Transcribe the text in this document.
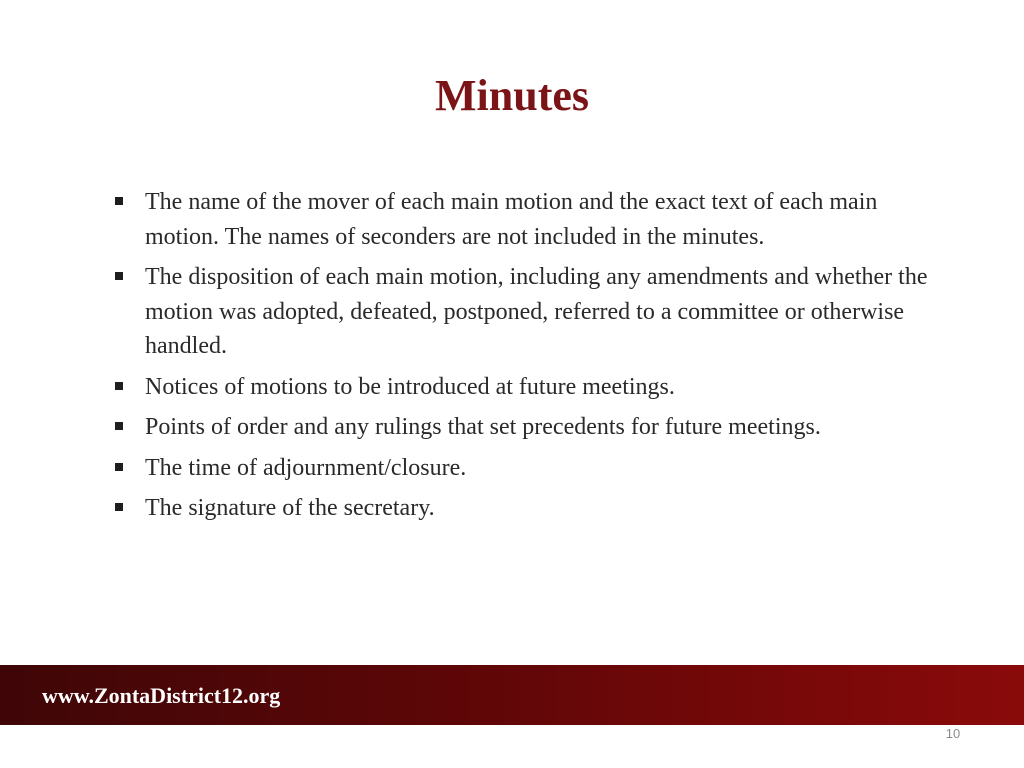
Minutes
The name of the mover of each main motion and the exact text of each main motion. The names of seconders are not included in the minutes.
The disposition of each main motion, including any amendments and whether the motion was adopted, defeated, postponed, referred to a committee or otherwise handled.
Notices of motions to be introduced at future meetings.
Points of order and any rulings that set precedents for future meetings.
The time of adjournment/closure.
The signature of the secretary.
www.ZontaDistrict12.org
10
